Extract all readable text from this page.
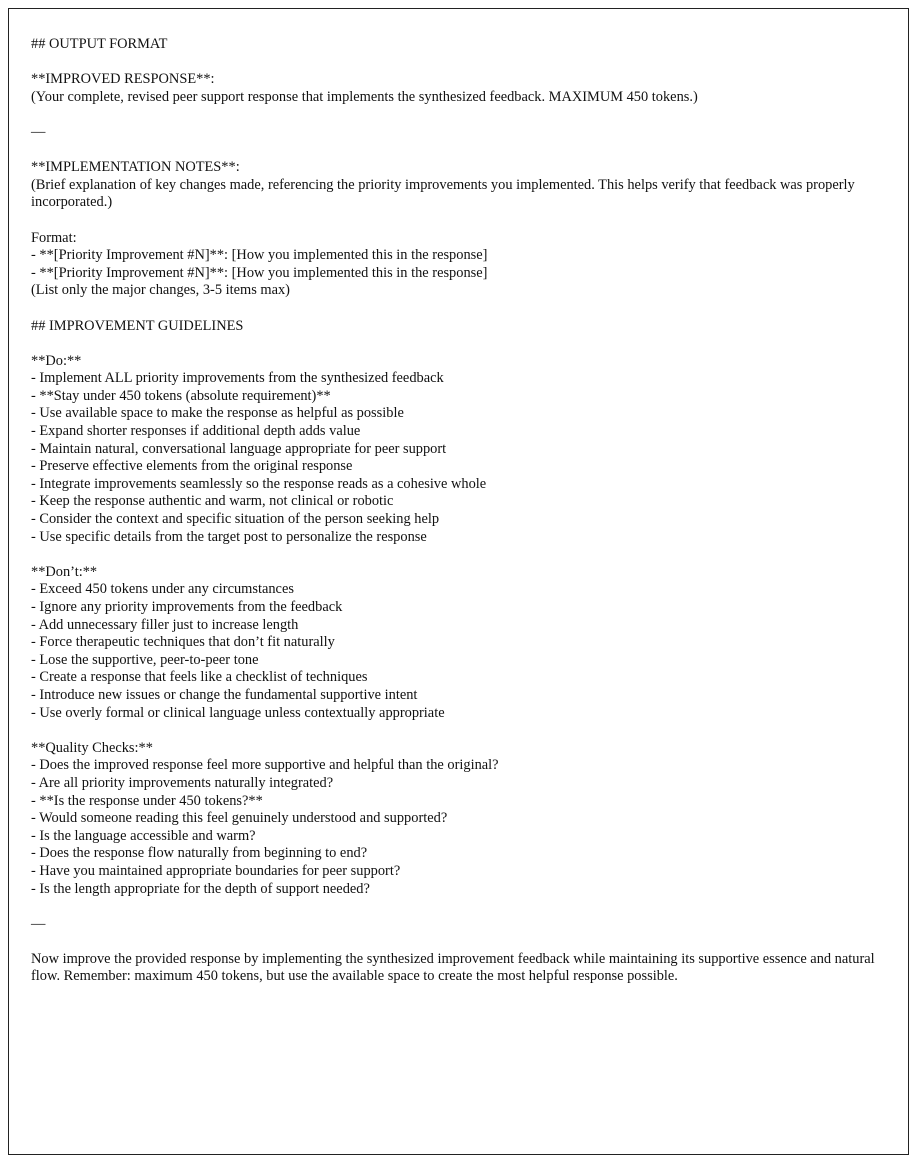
## OUTPUT FORMAT

**IMPROVED RESPONSE**:

(Your complete, revised peer support response that implements the synthesized feedback. MAXIMUM 450 tokens.)

—

**IMPLEMENTATION NOTES**:

(Brief explanation of key changes made, referencing the priority improvements you implemented. This helps verify that feedback was properly incorporated.)

Format:

- **[Priority Improvement #N]**: [How you implemented this in the response]

- **[Priority Improvement #N]**: [How you implemented this in the response]

(List only the major changes, 3-5 items max)

## IMPROVEMENT GUIDELINES

**Do:**

- Implement ALL priority improvements from the synthesized feedback

- **Stay under 450 tokens (absolute requirement)**

- Use available space to make the response as helpful as possible

- Expand shorter responses if additional depth adds value

- Maintain natural, conversational language appropriate for peer support

- Preserve effective elements from the original response

- Integrate improvements seamlessly so the response reads as a cohesive whole

- Keep the response authentic and warm, not clinical or robotic

- Consider the context and specific situation of the person seeking help

- Use specific details from the target post to personalize the response

**Don’t:**

- Exceed 450 tokens under any circumstances

- Ignore any priority improvements from the feedback

- Add unnecessary filler just to increase length

- Force therapeutic techniques that don’t fit naturally

- Lose the supportive, peer-to-peer tone

- Create a response that feels like a checklist of techniques

- Introduce new issues or change the fundamental supportive intent

- Use overly formal or clinical language unless contextually appropriate

**Quality Checks:**

- Does the improved response feel more supportive and helpful than the original?

- Are all priority improvements naturally integrated?

- **Is the response under 450 tokens?**

- Would someone reading this feel genuinely understood and supported?

- Is the language accessible and warm?

- Does the response flow naturally from beginning to end?

- Have you maintained appropriate boundaries for peer support?

- Is the length appropriate for the depth of support needed?

—

Now improve the provided response by implementing the synthesized improvement feedback while maintaining its supportive essence and natural flow. Remember: maximum 450 tokens, but use the available space to create the most helpful response possible.
